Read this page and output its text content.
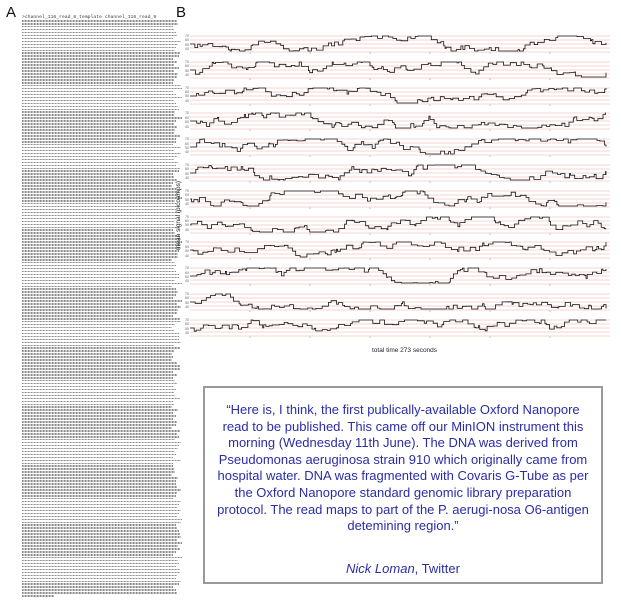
A >channel_116_read_8_template channel_116_read_9 B
mean signal (picoamps)
70
60
50
40
70
60
50
40
70
60
50
40
70
60
50
40
70
60
50
40
70
60
50
40
70
60
50
40
70
60
50
40
70
60
50
40
70
60
50
40
70
60
50
40
70
60
50
40
total time 273 seconds
“Here is, I think, the first publically-available Oxford Nanopore read to be published. This came off our MinION instrument this morning (Wednesday 11th June). The DNA was derived from Pseudomonas aeruginosa strain 910 which originally came from hospital water. DNA was fragmented with Covaris G-Tube as per the Oxford Nanopore standard genomic library preparation protocol. The read maps to part of the P. aerugi-nosa O6-antigen detemining region.”
Nick Loman, Twitter
